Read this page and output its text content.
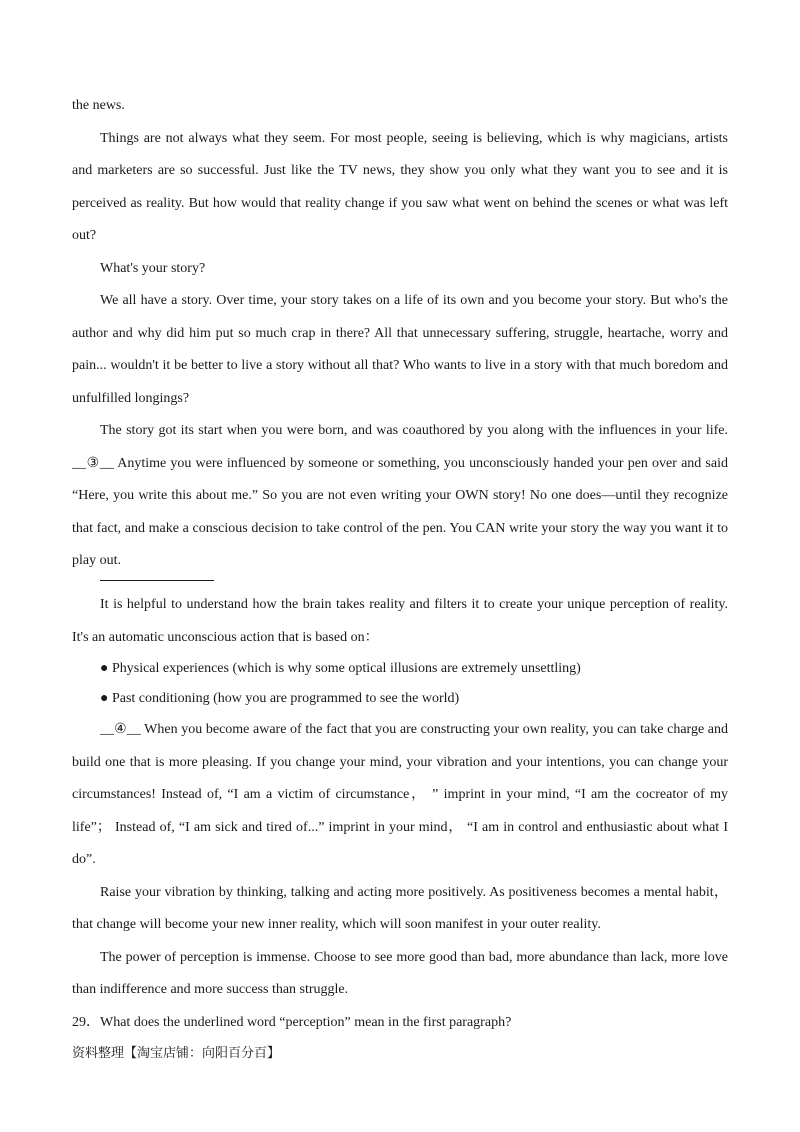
the news.

Things are not always what they seem. For most people, seeing is believing, which is why magicians, artists and marketers are so successful. Just like the TV news, they show you only what they want you to see and it is perceived as reality. But how would that reality change if you saw what went on behind the scenes or what was left out?

What's your story?

We all have a story. Over time, your story takes on a life of its own and you become your story. But who's the author and why did him put so much crap in there? All that unnecessary suffering, struggle, heartache, worry and pain... wouldn't it be better to live a story without all that? Who wants to live in a story with that much boredom and unfulfilled longings?

The story got its start when you were born, and was coauthored by you along with the influences in your life. __③__ Anytime you were influenced by someone or something, you unconsciously handed your pen over and said “Here, you write this about me.” So you are not even writing your OWN story! No one does—until they recognize that fact, and make a conscious decision to take control of the pen. You CAN write your story the way you want it to play out.

It is helpful to understand how the brain takes reality and filters it to create your unique perception of reality. It's an automatic unconscious action that is based on：

● Physical experiences (which is why some optical illusions are extremely unsettling)

● Past conditioning (how you are programmed to see the world)

__④__ When you become aware of the fact that you are constructing your own reality, you can take charge and build one that is more pleasing. If you change your mind, your vibration and your intentions, you can change your circumstances! Instead of, “I am a victim of circumstance， ” imprint in your mind, “I am the cocreator of my life”； Instead of, “I am sick and tired of...” imprint in your mind， “I am in control and enthusiastic about what I do”.

Raise your vibration by thinking, talking and acting more positively. As positiveness becomes a mental habit，that change will become your new inner reality, which will soon manifest in your outer reality.

The power of perception is immense. Choose to see more good than bad, more abundance than lack, more love than indifference and more success than struggle.

29．What does the underlined word “perception” mean in the first paragraph?

资料整理【淘宝店铺：向阳百分百】
